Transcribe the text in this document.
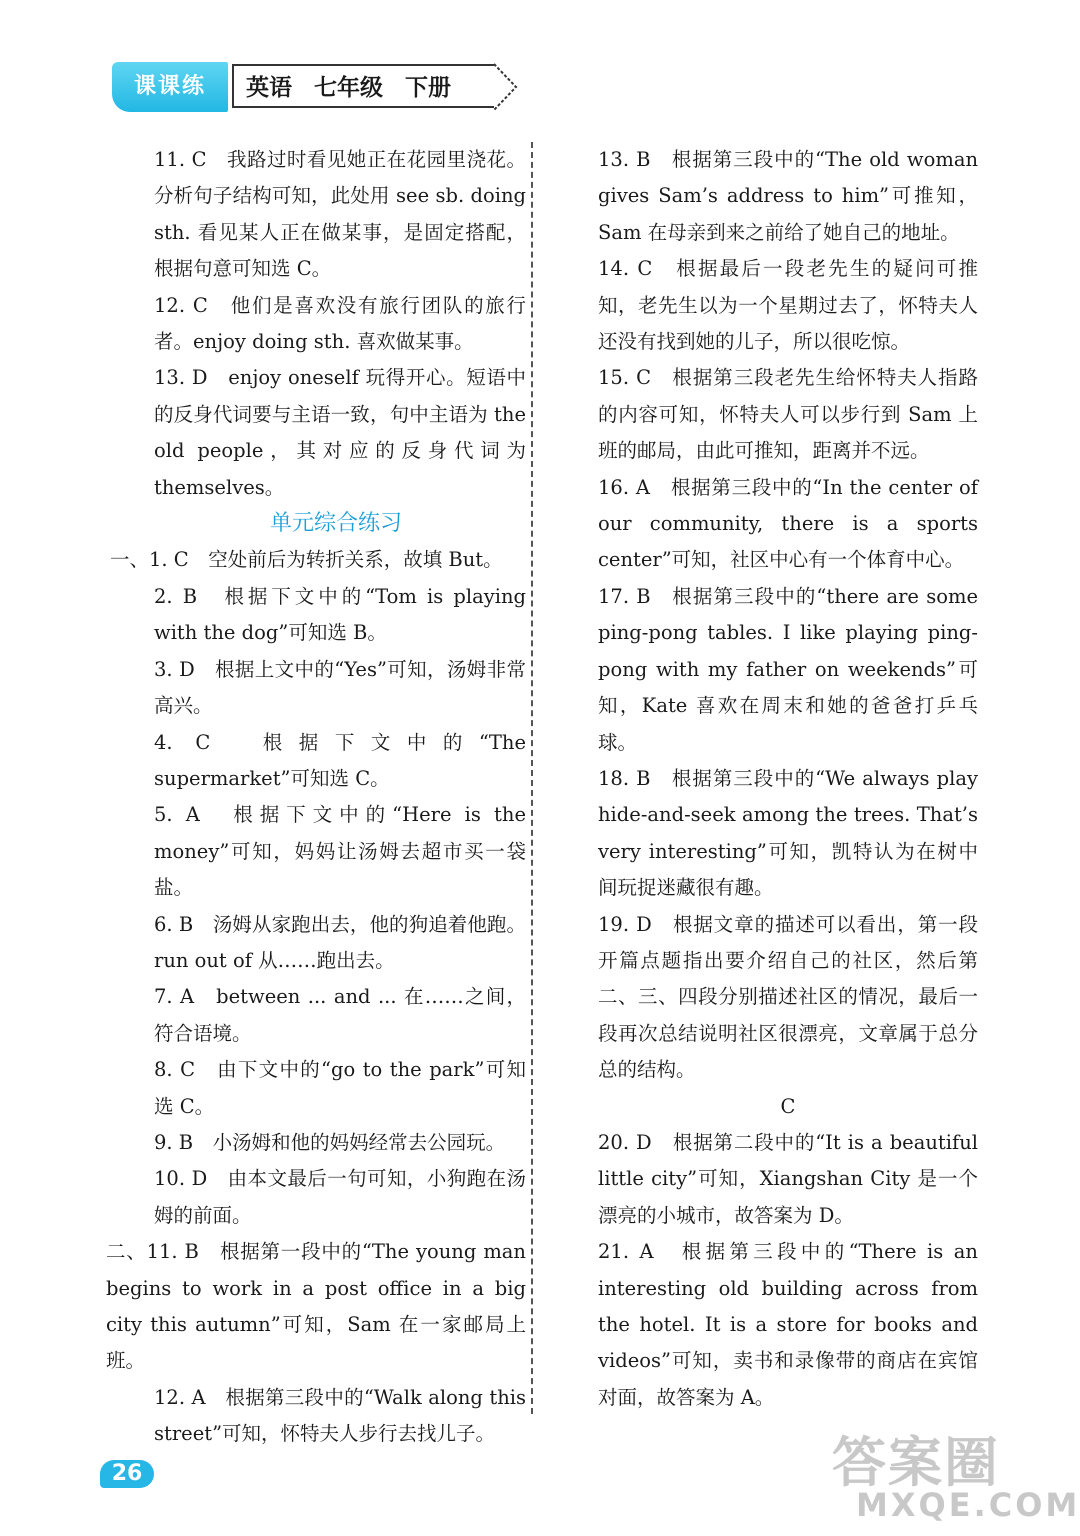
课课练	英语 七年级 下册
11. C　我路过时看见她正在花园里浇花。分析句子结构可知，此处用 see sb. doing sth. 看见某人正在做某事，是固定搭配，根据句意可知选 C。
12. C　他们是喜欢没有旅行团队的旅行者。enjoy doing sth. 喜欢做某事。
13. D　enjoy oneself 玩得开心。短语中的反身代词要与主语一致，句中主语为 the old people，其对应的反身代词为 themselves。
单元综合练习
一、1. C　空处前后为转折关系，故填 But。
2. B　根据下文中的“Tom is playing with the dog”可知选 B。
3. D　根据上文中的“Yes”可知，汤姆非常高兴。
4. C　根据下文中的“The supermarket”可知选 C。
5. A　根据下文中的“Here is the money”可知，妈妈让汤姆去超市买一袋盐。
6. B　汤姆从家跑出去，他的狗追着他跑。run out of 从……跑出去。
7. A　between ... and ... 在……之间，符合语境。
8. C　由下文中的“go to the park”可知选 C。
9. B　小汤姆和他的妈妈经常去公园玩。
10. D　由本文最后一句可知，小狗跑在汤姆的前面。
二、11. B　根据第一段中的“The young man begins to work in a post office in a big city this autumn”可知，Sam 在一家邮局上班。
12. A　根据第三段中的“Walk along this street”可知，怀特夫人步行去找儿子。
13. B　根据第三段中的“The old woman gives Sam’s address to him”可推知，Sam 在母亲到来之前给了她自己的地址。
14. C　根据最后一段老先生的疑问可推知，老先生以为一个星期过去了，怀特夫人还没有找到她的儿子，所以很吃惊。
15. C　根据第三段老先生给怀特夫人指路的内容可知，怀特夫人可以步行到 Sam 上班的邮局，由此可推知，距离并不远。
16. A　根据第三段中的“In the center of our community, there is a sports center”可知，社区中心有一个体育中心。
17. B　根据第三段中的“there are some ping-pong tables. I like playing ping-pong with my father on weekends”可知，Kate 喜欢在周末和她的爸爸打乒乓球。
18. B　根据第三段中的“We always play hide-and-seek among the trees. That’s very interesting”可知，凯特认为在树中间玩捉迷藏很有趣。
19. D　根据文章的描述可以看出，第一段开篇点题指出要介绍自己的社区，然后第二、三、四段分别描述社区的情况，最后一段再次总结说明社区很漂亮，文章属于总分总的结构。
C
20. D　根据第二段中的“It is a beautiful little city”可知，Xiangshan City 是一个漂亮的小城市，故答案为 D。
21. A　根据第三段中的“There is an interesting old building across from the hotel. It is a store for books and videos”可知，卖书和录像带的商店在宾馆对面，故答案为 A。
26	答案圈
MXQE.COM
